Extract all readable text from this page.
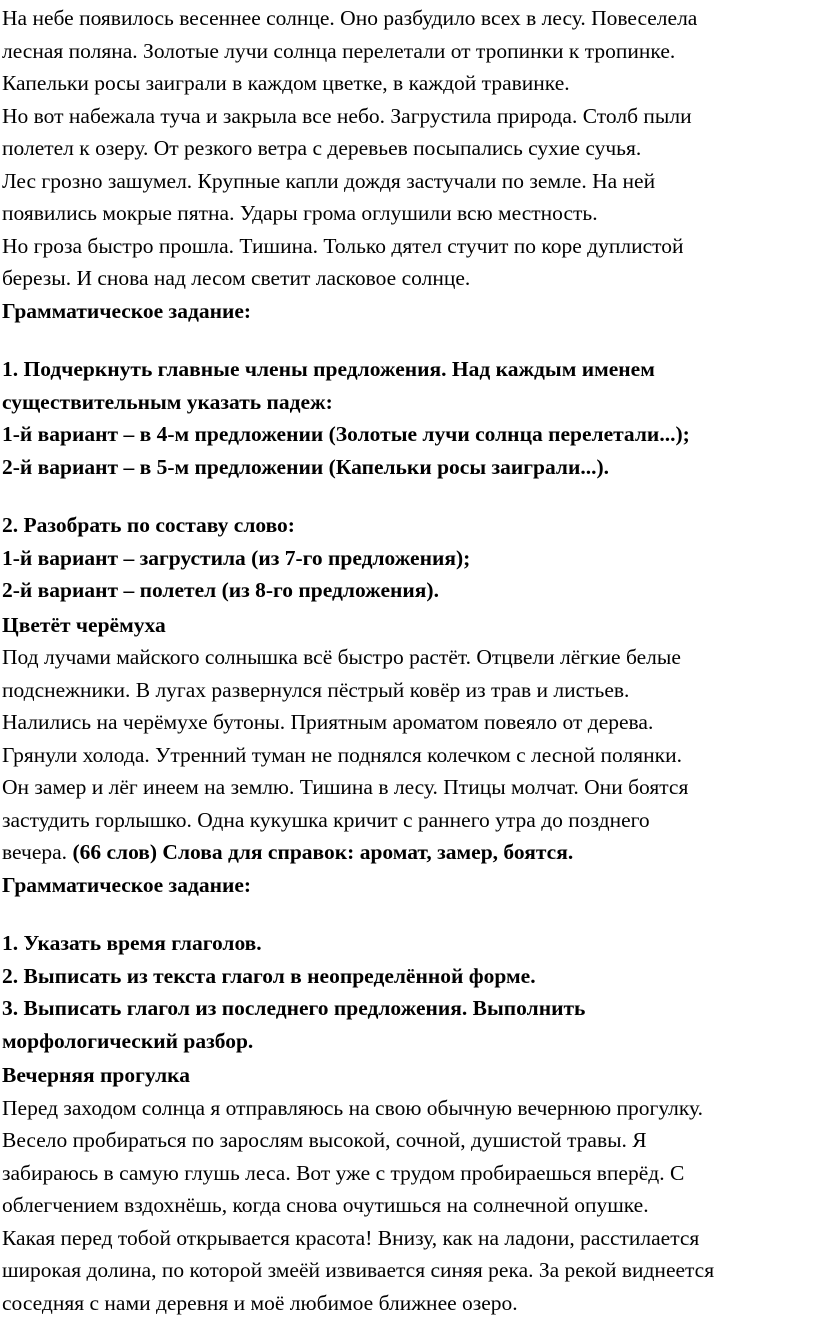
На небе появилось весеннее солнце. Оно разбудило всех в лесу. Повеселела
лесная поляна. Золотые лучи солнца перелетали от тропинки к тропинке.
Капельки росы заиграли в каждом цветке, в каждой травинке.
Но вот набежала туча и закрыла все небо. Загрустила природа. Столб пыли
полетел к озеру. От резкого ветра с деревьев посыпались сухие сучья.
Лес грозно зашумел. Крупные капли дождя застучали по земле. На ней
появились мокрые пятна. Удары грома оглушили всю местность.
Но гроза быстро прошла. Тишина. Только дятел стучит по коре дуплистой
березы. И снова над лесом светит ласковое солнце.
Грамматическое задание:
1. Подчеркнуть главные члены предложения. Над каждым именем
существительным указать падеж:
1-й вариант – в 4-м предложении (Золотые лучи солнца перелетали...);
2-й вариант – в 5-м предложении (Капельки росы заиграли...).
2. Разобрать по составу слово:
1-й вариант – загрустила (из 7-го предложения);
2-й вариант – полетел (из 8-го предложения).
Цветёт черёмуха
Под лучами майского солнышка всё быстро растёт. Отцвели лёгкие белые
подснежники. В лугах развернулся пёстрый ковёр из трав и листьев.
Налились на черёмухе бутоны. Приятным ароматом повеяло от дерева.
Грянули холода. Утренний туман не поднялся колечком с лесной полянки.
Он замер и лёг инеем на землю. Тишина в лесу. Птицы молчат. Они боятся
застудить горлышко. Одна кукушка кричит с раннего утра до позднего
вечера. (66 слов) Слова для справок: аромат, замер, боятся.
Грамматическое задание:
1. Указать время глаголов.
2. Выписать из текста глагол в неопределённой форме.
3. Выписать глагол из последнего предложения. Выполнить
морфологический разбор.
Вечерняя прогулка
Перед заходом солнца я отправляюсь на свою обычную вечернюю прогулку.
Весело пробираться по зарослям высокой, сочной, душистой травы. Я
забираюсь в самую глушь леса. Вот уже с трудом пробираешься вперёд. С
облегчением вздохнёшь, когда снова очутишься на солнечной опушке.
Какая перед тобой открывается красота! Внизу, как на ладони, расстилается
широкая долина, по которой змеёй извивается синяя река. За рекой виднеется
соседняя с нами деревня и моё любимое ближнее озеро.
